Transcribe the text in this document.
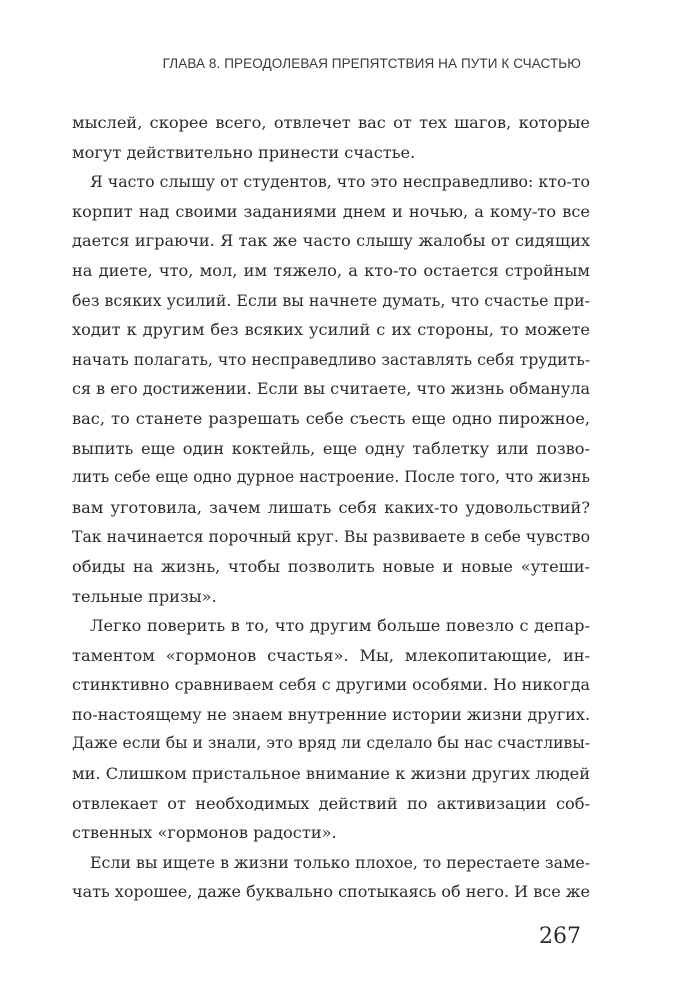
ГЛАВА 8. ПРЕОДОЛЕВАЯ ПРЕПЯТСТВИЯ НА ПУТИ К СЧАСТЬЮ
мыслей, скорее всего, отвлечет вас от тех шагов, которые
могут действительно принести счастье.
Я часто слышу от студентов, что это несправедливо: кто-то
корпит над своими заданиями днем и ночью, а кому-то все
дается играючи. Я так же часто слышу жалобы от сидящих
на диете, что, мол, им тяжело, а кто-то остается стройным
без всяких усилий. Если вы начнете думать, что счастье при-
ходит к другим без всяких усилий с их стороны, то можете
начать полагать, что несправедливо заставлять себя трудить-
ся в его достижении. Если вы считаете, что жизнь обманула
вас, то станете разрешать себе съесть еще одно пирожное,
выпить еще один коктейль, еще одну таблетку или позво-
лить себе еще одно дурное настроение. После того, что жизнь
вам уготовила, зачем лишать себя каких-то удовольствий?
Так начинается порочный круг. Вы развиваете в себе чувство
обиды на жизнь, чтобы позволить новые и новые «утеши-
тельные призы».
Легко поверить в то, что другим больше повезло с депар-
таментом «гормонов счастья». Мы, млекопитающие, ин-
стинктивно сравниваем себя с другими особями. Но никогда
по-настоящему не знаем внутренние истории жизни других.
Даже если бы и знали, это вряд ли сделало бы нас счастливы-
ми. Слишком пристальное внимание к жизни других людей
отвлекает от необходимых действий по активизации соб-
ственных «гормонов радости».
Если вы ищете в жизни только плохое, то перестаете заме-
чать хорошее, даже буквально спотыкаясь об него. И все же
267
